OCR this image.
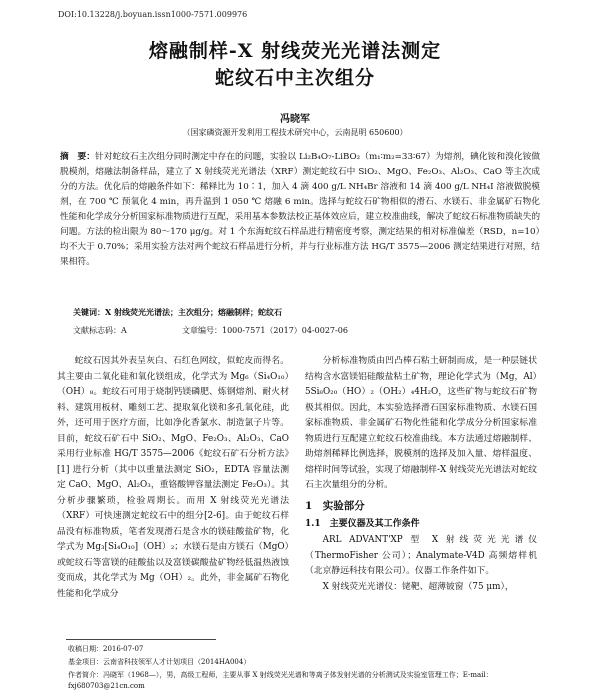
DOI:10.13228/j.boyuan.issn1000-7571.009976
熔融制样-X 射线荧光光谱法测定
蛇纹石中主次组分
冯晓军
（国家磷资源开发利用工程技术研究中心，云南昆明 650600）
摘　要：针对蛇纹石主次组分同时测定中存在的问题，实验以 Li₂B₄O₇-LiBO₂（m₁∶m₂=33∶67）为熔剂，碘化铵和溴化铵做脱模剂，熔融法制备样品，建立了 X 射线荧光光谱法（XRF）测定蛇纹石中 SiO₂、MgO、Fe₂O₃、Al₂O₃、CaO 等主次成分的方法。优化后的熔融条件如下：稀释比为 10∶1，加入 4 滴 400 g/L NH₄Br 溶液和 14 滴 400 g/L NH₄I 溶液做脱模剂，在 700 ℃ 预氧化 4 min，再升温到 1 050 ℃ 熔融 6 min。选择与蛇纹石矿物相似的滑石、水镁石、非金属矿石物化性能和化学成分分析国家标准物质进行互配，采用基本参数法校正基体效应后，建立校准曲线，解决了蛇纹石标准物质缺失的问题。方法的检出限为 80～170 μg/g。对 1 个东海蛇纹石样品进行精密度考察，测定结果的相对标准偏差（RSD，n=10）均不大于 0.70%；采用实验方法对两个蛇纹石样品进行分析，并与行业标准方法 HG/T 3575—2006 测定结果进行对照，结果相符。
关键词：X 射线荧光光谱法；主次组分；熔融制样；蛇纹石
文献标志码：A	文章编号：1000-7571（2017）04-0027-06

蛇纹石因其外表呈灰白、石红色网纹，似蛇皮而得名。其主要由二氧化硅和氧化镁组成，化学式为 Mg₆（Si₄O₁₀）（OH）₈。蛇纹石可用于烧制钙镁磷肥、炼钢熔剂、耐火材料、建筑用板材、雕刻工艺、提取氧化镁和多孔氧化硅，此外，还可用于医疗方面，比如净化香氯水、制造氯子片等。目前，蛇纹石矿石中 SiO₂、MgO、Fe₂O₃、Al₂O₃、CaO 采用行业标准 HG/T 3575—2006《蛇纹石矿石分析方法》[1] 进行分析（其中以重量法测定 SiO₂，EDTA 容量法测定 CaO、MgO、Al₂O₃，重铬酸钾容量法测定 Fe₂O₃）。其分析步骤繁琐，检验周期长。而用 X 射线荧光光谱法（XRF）可快速测定蛇纹石中的组分[2-6]。由于蛇纹石样品没有标准物质，笔者发现滑石是含水的镁硅酸盐矿物，化学式为 Mg₃[Si₄O₁₀]（OH）₂；水镁石是由方镁石（MgO）或蛇纹石等富镁的硅酸盐以及富镁碳酸盐矿物经低温热液蚀变而成，其化学式为 Mg（OH）₂。此外，非金属矿石物化性能和化学成分

分析标准物质由凹凸棒石粘土研制而成，是一种层链状结构含水富镁铝硅酸盐粘土矿物，理论化学式为（Mg，Al）5Si₈O₂₀（HO）₂（OH₂）₄4H₂O，这些矿物与蛇纹石矿物极其相似。因此，本实验选择滑石国家标准物质、水镁石国家标准物质、非金属矿石物化性能和化学成分分析国家标准物质进行互配建立蛇纹石校准曲线。本方法通过熔融制样、助熔剂稀释比例选择，脱模剂的选择及加入量、熔样温度、熔样时间等试验，实现了熔融制样-X 射线荧光光谱法对蛇纹石主次量组分的分析。

1　实验部分
1.1　主要仪器及其工作条件

ARL ADVANT'XP 型 X 射线荧光光谱仪（ThermoFisher 公司）；Analymate-V4D 高频熔样机（北京静远科技有限公司）。仪器工作条件如下。

X 射线荧光光谱仪：铑靶、超薄铍窗（75 μm），

收稿日期：2016-07-07
基金项目：云南省科技领军人才计划项目（2014HA004）
作者简介：冯晓军（1968—），男，高级工程师，主要从事 X 射线荧光光谱和等离子体发射光谱的分析测试及实验室管理工作；E-mail：fxj680703@21cn.com
